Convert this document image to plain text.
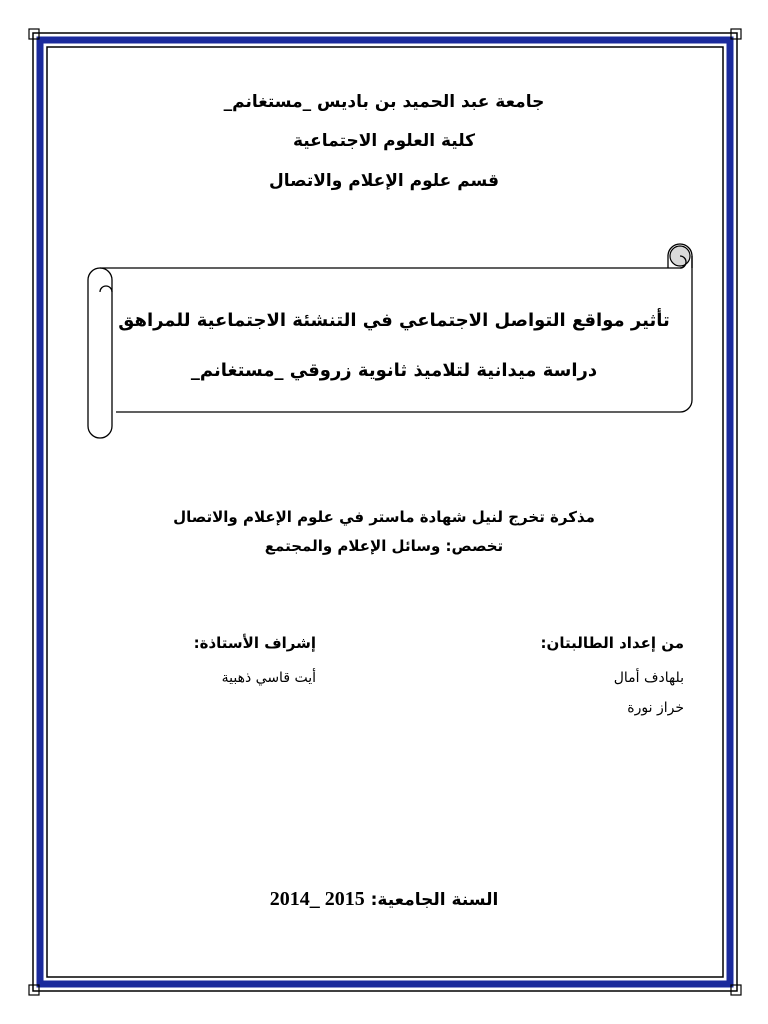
جامعة عبد الحميد بن باديس _مستغانم_
كلية العلوم الاجتماعية
قسم علوم الإعلام والاتصال
تأثير مواقع التواصل الاجتماعي في التنشئة الاجتماعية للمراهق
دراسة ميدانية لتلاميذ ثانوية زروقي _مستغانم_
مذكرة تخرج لنيل شهادة ماستر في علوم الإعلام والاتصال
تخصص: وسائل الإعلام والمجتمع
من إعداد الطالبتان:
بلهادف أمال
خراز نورة
إشراف الأستاذة:
أيت قاسي ذهبية
السنة الجامعية: 2014_ 2015
